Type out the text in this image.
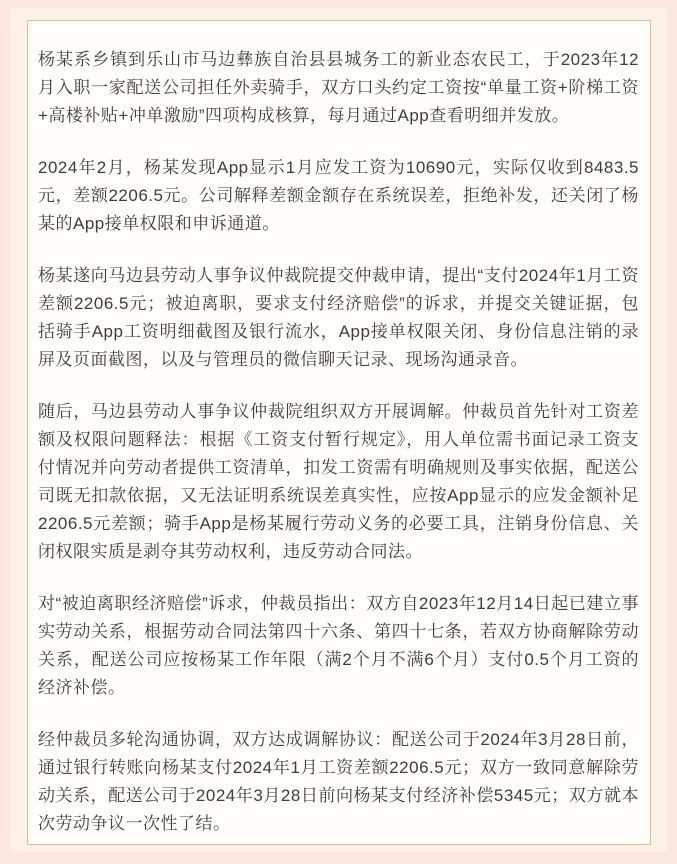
杨某系乡镇到乐山市马边彝族自治县县城务工的新业态农民工，于2023年12月入职一家配送公司担任外卖骑手，双方口头约定工资按“单量工资+阶梯工资+高楼补贴+冲单激励”四项构成核算，每月通过App查看明细并发放。

2024年2月，杨某发现App显示1月应发工资为10690元，实际仅收到8483.5元，差额2206.5元。公司解释差额金额存在系统误差，拒绝补发，还关闭了杨某的App接单权限和申诉通道。

杨某遂向马边县劳动人事争议仲裁院提交仲裁申请，提出“支付2024年1月工资差额2206.5元；被迫离职，要求支付经济赔偿”的诉求，并提交关键证据，包括骑手App工资明细截图及银行流水，App接单权限关闭、身份信息注销的录屏及页面截图，以及与管理员的微信聊天记录、现场沟通录音。

随后，马边县劳动人事争议仲裁院组织双方开展调解。仲裁员首先针对工资差额及权限问题释法：根据《工资支付暂行规定》，用人单位需书面记录工资支付情况并向劳动者提供工资清单，扣发工资需有明确规则及事实依据，配送公司既无扣款依据，又无法证明系统误差真实性，应按App显示的应发金额补足2206.5元差额；骑手App是杨某履行劳动义务的必要工具，注销身份信息、关闭权限实质是剥夺其劳动权利，违反劳动合同法。

对“被迫离职经济赔偿”诉求，仲裁员指出：双方自2023年12月14日起已建立事实劳动关系，根据劳动合同法第四十六条、第四十七条，若双方协商解除劳动关系，配送公司应按杨某工作年限（满2个月不满6个月）支付0.5个月工资的经济补偿。

经仲裁员多轮沟通协调，双方达成调解协议：配送公司于2024年3月28日前，通过银行转账向杨某支付2024年1月工资差额2206.5元；双方一致同意解除劳动关系，配送公司于2024年3月28日前向杨某支付经济补偿5345元；双方就本次劳动争议一次性了结。
